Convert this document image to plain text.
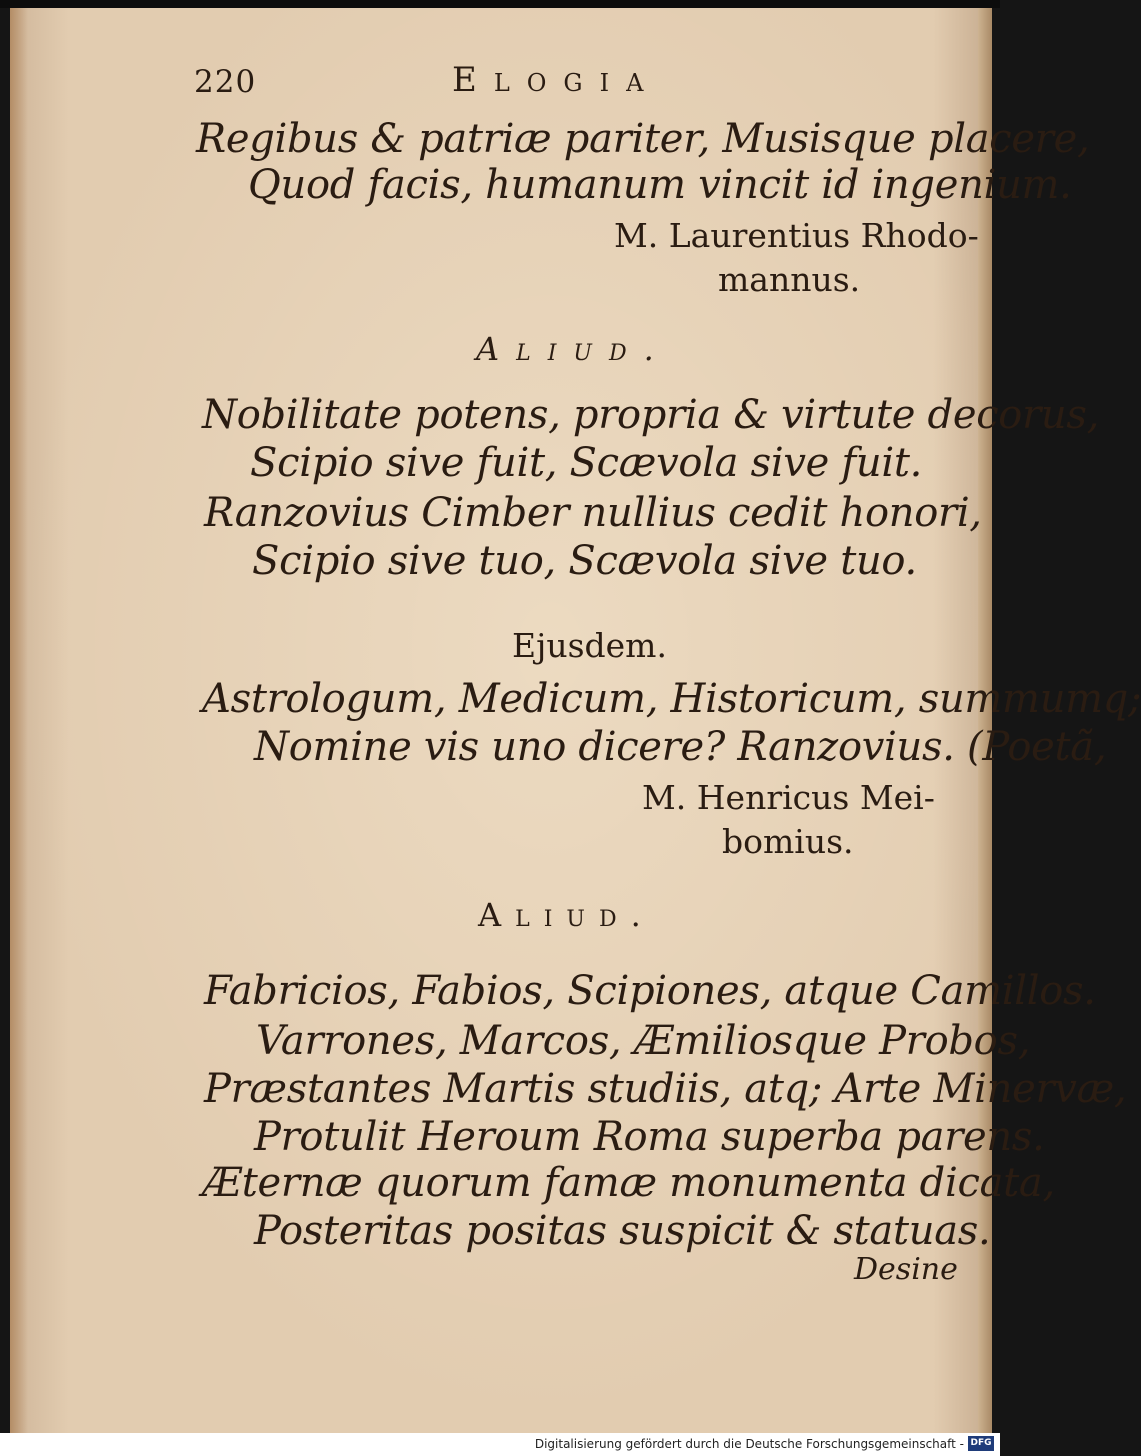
220	Elogia
Regibus & patriæ pariter, Musisque placere,
Quod facis, humanum vincit id ingenium.
M. Laurentius Rhodo-
mannus.
Aliud.
Nobilitate potens, propria & virtute decorus,
Scipio sive fuit, Scævola sive fuit.
Ranzovius Cimber nullius cedit honori,
Scipio sive tuo, Scævola sive tuo.
Ejusdem.
Astrologum, Medicum, Historicum, summumq;
Nomine vis uno dicere? Ranzovius. (Poetã,
M. Henricus Mei-
bomius.
Aliud.
Fabricios, Fabios, Scipiones, atque Camillos.
Varrones, Marcos, Æmiliosque Probos,
Præstantes Martis studiis, atq; Arte Minervæ,
Protulit Heroum Roma superba parens.
Æternæ quorum famæ monumenta dicata,
Posteritas positas suspicit & statuas.
Desine
Digitalisierung gefördert durch die Deutsche Forschungsgemeinschaft - DFG
